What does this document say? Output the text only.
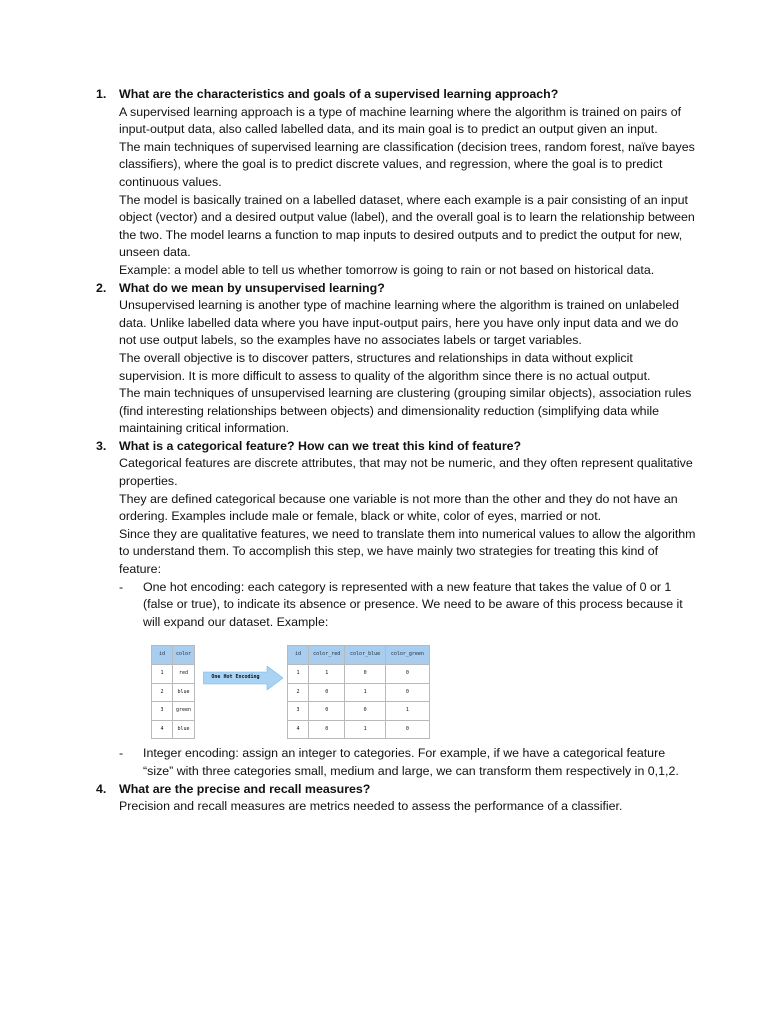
1.	What are the characteristics and goals of a supervised learning approach?
A supervised learning approach is a type of machine learning where the algorithm is trained on pairs of input-output data, also called labelled data, and its main goal is to predict an output given an input.
The main techniques of supervised learning are classification (decision trees, random forest, naïve bayes classifiers), where the goal is to predict discrete values, and regression, where the goal is to predict continuous values.
The model is basically trained on a labelled dataset, where each example is a pair consisting of an input object (vector) and a desired output value (label), and the overall goal is to learn the relationship between the two. The model learns a function to map inputs to desired outputs and to predict the output for new, unseen data.
Example: a model able to tell us whether tomorrow is going to rain or not based on historical data.
2.	What do we mean by unsupervised learning?
Unsupervised learning is another type of machine learning where the algorithm is trained on unlabeled data. Unlike labelled data where you have input-output pairs, here you have only input data and we do not use output labels, so the examples have no associates labels or target variables.
The overall objective is to discover patters, structures and relationships in data without explicit supervision. It is more difficult to assess to quality of the algorithm since there is no actual output.
The main techniques of unsupervised learning are clustering (grouping similar objects), association rules (find interesting relationships between objects) and dimensionality reduction (simplifying data while maintaining critical information.
3.	What is a categorical feature? How can we treat this kind of feature?
Categorical features are discrete attributes, that may not be numeric, and they often represent qualitative properties.
They are defined categorical because one variable is not more than the other and they do not have an ordering. Examples include male or female, black or white, color of eyes, married or not.
Since they are qualitative features, we need to translate them into numerical values to allow the algorithm to understand them. To accomplish this step, we have mainly two strategies for treating this kind of feature:
-	One hot encoding: each category is represented with a new feature that takes the value of 0 or 1 (false or true), to indicate its absence or presence. We need to be aware of this process because it will expand our dataset. Example:
id	color
1	red
2	blue
3	green
4	blue
One Hot Encoding
id	color_red	color_blue	color_green
1	1	0	0
2	0	1	0
3	0	0	1
4	0	1	0
-	Integer encoding: assign an integer to categories. For example, if we have a categorical feature “size” with three categories small, medium and large, we can transform them respectively in 0,1,2.
4.	What are the precise and recall measures?
Precision and recall measures are metrics needed to assess the performance of a classifier.
